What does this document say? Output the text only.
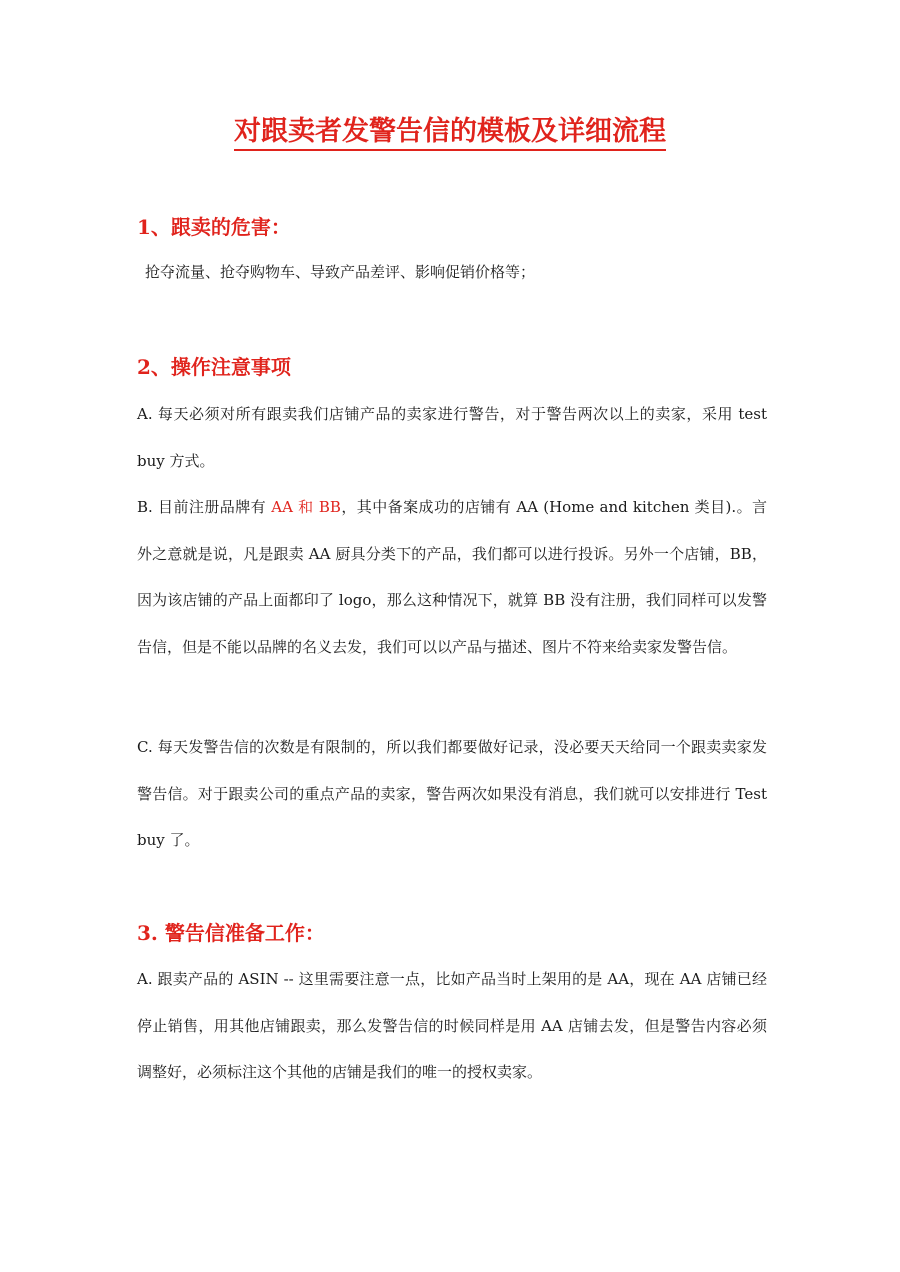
对跟卖者发警告信的模板及详细流程
1、跟卖的危害：

抢夺流量、抢夺购物车、导致产品差评、影响促销价格等；

2、操作注意事项

A. 每天必须对所有跟卖我们店铺产品的卖家进行警告，对于警告两次以上的卖家，采用 test buy 方式。

B. 目前注册品牌有 AA 和 BB，其中备案成功的店铺有 AA (Home and kitchen 类目).。言外之意就是说，凡是跟卖 AA 厨具分类下的产品，我们都可以进行投诉。另外一个店铺，BB，因为该店铺的产品上面都印了 logo，那么这种情况下，就算 BB 没有注册，我们同样可以发警告信，但是不能以品牌的名义去发，我们可以以产品与描述、图片不符来给卖家发警告信。

C. 每天发警告信的次数是有限制的，所以我们都要做好记录，没必要天天给同一个跟卖卖家发警告信。对于跟卖公司的重点产品的卖家，警告两次如果没有消息，我们就可以安排进行 Test buy 了。

3. 警告信准备工作：

A. 跟卖产品的 ASIN -- 这里需要注意一点，比如产品当时上架用的是 AA，现在 AA 店铺已经停止销售，用其他店铺跟卖，那么发警告信的时候同样是用 AA 店铺去发，但是警告内容必须调整好，必须标注这个其他的店铺是我们的唯一的授权卖家。
